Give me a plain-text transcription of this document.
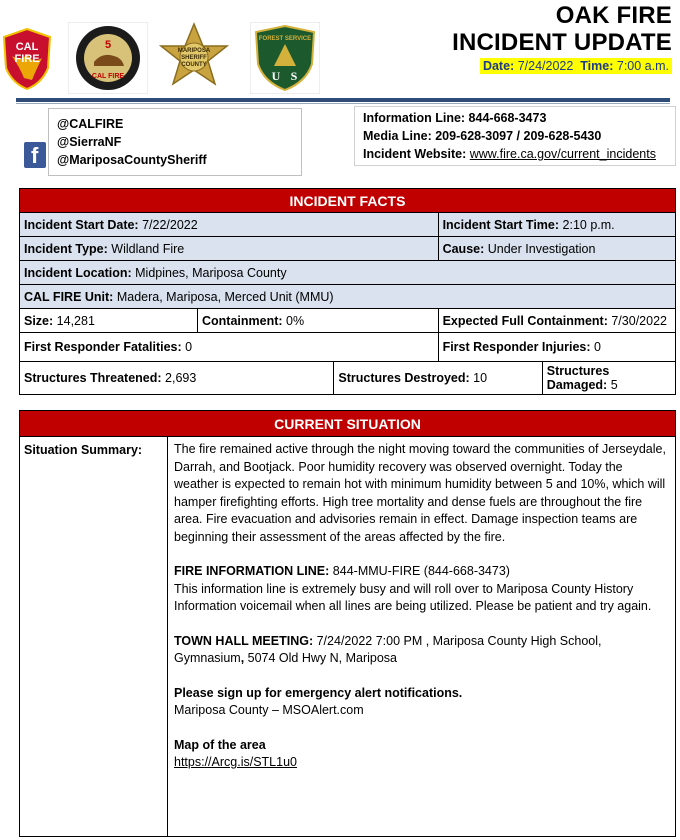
CAL
FIRE
5
CAL FIRE
MARIPOSA
SHERIFF
COUNTY
FOREST SERVICE
U S
OAK FIRE
INCIDENT UPDATE
Date: 7/24/2022 Time: 7:00 a.m.
f
@CALFIRE
@SierraNF
@MariposaCountySheriff
Information Line: 844-668-3473
Media Line: 209-628-3097 / 209-628-5430
Incident Website: www.fire.ca.gov/current_incidents
INCIDENT FACTS				
Incident Start Date: 7/22/2022			Incident Start Time: 2:10 p.m.	
Incident Type: Wildland Fire			Cause: Under Investigation	
Incident Location: Midpines, Mariposa County				
CAL FIRE Unit: Madera, Mariposa, Merced Unit (MMU)				
Size: 14,281	Containment: 0%		Expected Full Containment: 7/30/2022	
First Responder Fatalities: 0			First Responder Injuries: 0	
Structures Threatened: 2,693		Structures Destroyed: 10		Structures Damaged: 5
CURRENT SITUATION
Situation Summary:	The fire remained active through the night moving toward the communities of Jerseydale, Darrah, and Bootjack. Poor humidity recovery was observed overnight. Today the weather is expected to remain hot with minimum humidity between 5 and 10%, which will hamper firefighting efforts. High tree mortality and dense fuels are throughout the fire area. Fire evacuation and advisories remain in effect. Damage inspection teams are beginning their assessment of the areas affected by the fire.

FIRE INFORMATION LINE: 844-MMU-FIRE (844-668-3473)
This information line is extremely busy and will roll over to Mariposa County History Information voicemail when all lines are being utilized. Please be patient and try again.

TOWN HALL MEETING: 7/24/2022 7:00 PM , Mariposa County High School, Gymnasium, 5074 Old Hwy N, Mariposa

Please sign up for emergency alert notifications.
Mariposa County – MSOAlert.com

Map of the area
https://Arcg.is/STL1u0
